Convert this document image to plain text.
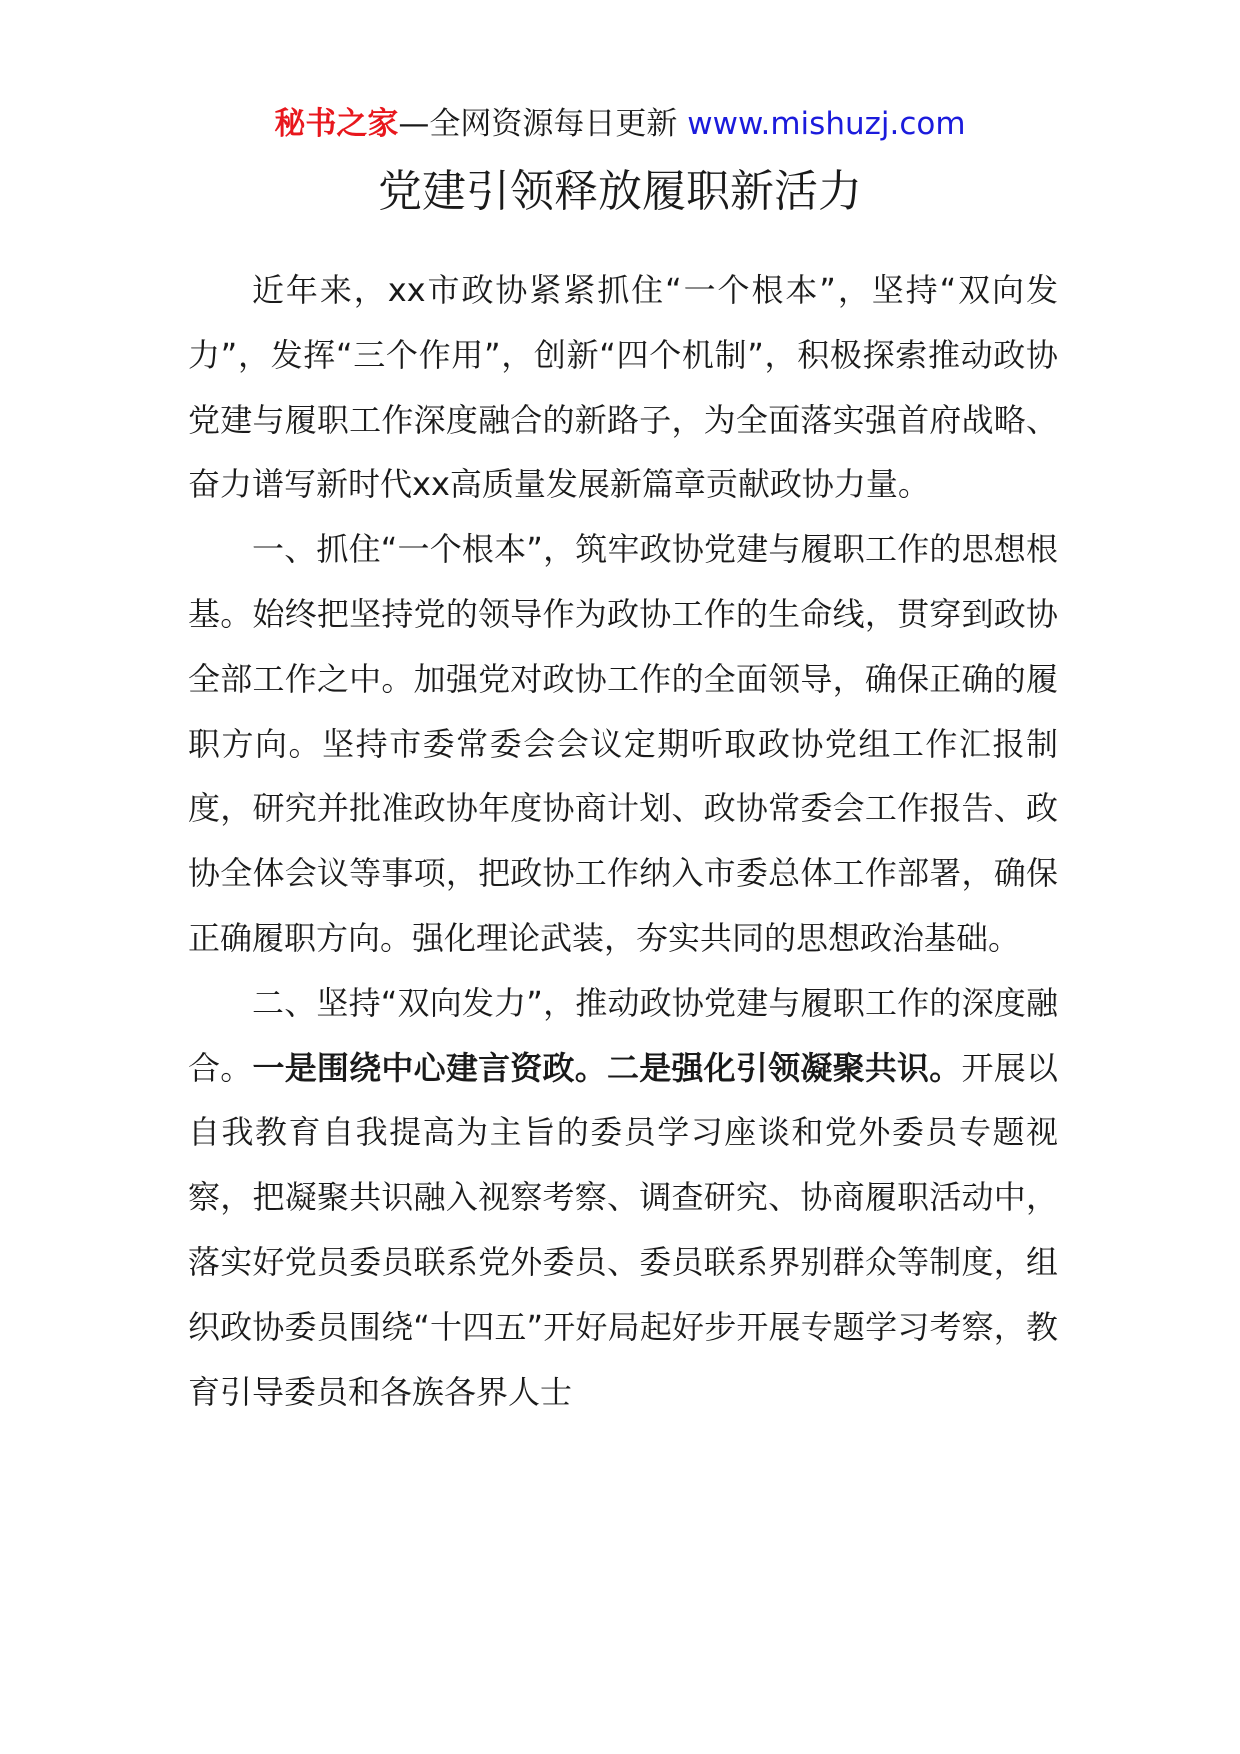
秘书之家—全网资源每日更新 www.mishuzj.com
党建引领释放履职新活力

近年来，xx市政协紧紧抓住“一个根本”，坚持“双向发力”，发挥“三个作用”，创新“四个机制”，积极探索推动政协党建与履职工作深度融合的新路子，为全面落实强首府战略、奋力谱写新时代xx高质量发展新篇章贡献政协力量。

一、抓住“一个根本”，筑牢政协党建与履职工作的思想根基。始终把坚持党的领导作为政协工作的生命线，贯穿到政协全部工作之中。加强党对政协工作的全面领导，确保正确的履职方向。坚持市委常委会会议定期听取政协党组工作汇报制度，研究并批准政协年度协商计划、政协常委会工作报告、政协全体会议等事项，把政协工作纳入市委总体工作部署，确保正确履职方向。强化理论武装，夯实共同的思想政治基础。

二、坚持“双向发力”，推动政协党建与履职工作的深度融合。一是围绕中心建言资政。二是强化引领凝聚共识。开展以自我教育自我提高为主旨的委员学习座谈和党外委员专题视察，把凝聚共识融入视察考察、调查研究、协商履职活动中，落实好党员委员联系党外委员、委员联系界别群众等制度，组织政协委员围绕“十四五”开好局起好步开展专题学习考察，教育引导委员和各族各界人士
